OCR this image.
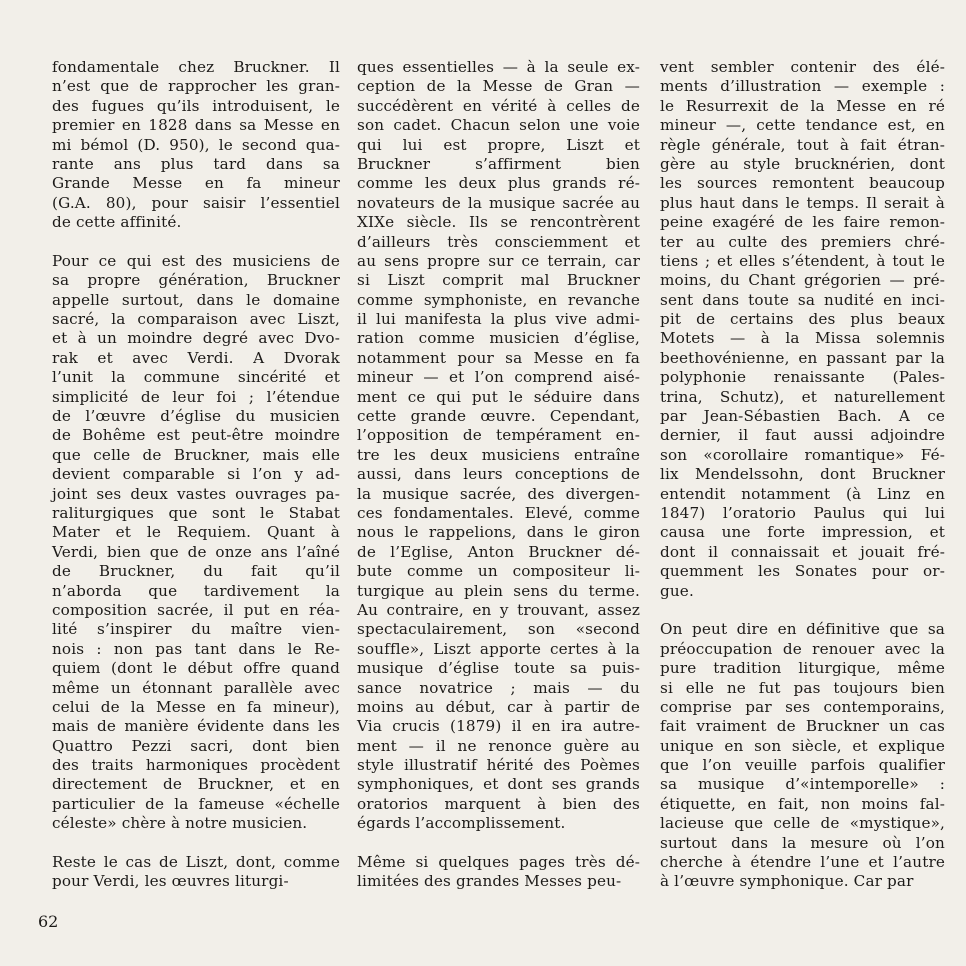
fondamentale chez Bruckner. Il
n’est que de rapprocher les gran-
des fugues qu’ils introduisent, le
premier en 1828 dans sa Messe en
mi bémol (D. 950), le second qua-
rante ans plus tard dans sa
Grande Messe en fa mineur
(G.A. 80), pour saisir l’essentiel
de cette affinité.
Pour ce qui est des musiciens de
sa propre génération, Bruckner
appelle surtout, dans le domaine
sacré, la comparaison avec Liszt,
et à un moindre degré avec Dvo-
rak et avec Verdi. A Dvorak
l’unit la commune sincérité et
simplicité de leur foi ; l’étendue
de l’œuvre d’église du musicien
de Bohême est peut-être moindre
que celle de Bruckner, mais elle
devient comparable si l’on y ad-
joint ses deux vastes ouvrages pa-
raliturgiques que sont le Stabat
Mater et le Requiem. Quant à
Verdi, bien que de onze ans l’aîné
de Bruckner, du fait qu’il
n’aborda que tardivement la
composition sacrée, il put en réa-
lité s’inspirer du maître vien-
nois : non pas tant dans le Re-
quiem (dont le début offre quand
même un étonnant parallèle avec
celui de la Messe en fa mineur),
mais de manière évidente dans les
Quattro Pezzi sacri, dont bien
des traits harmoniques procèdent
directement de Bruckner, et en
particulier de la fameuse «échelle
céleste» chère à notre musicien.
Reste le cas de Liszt, dont, comme
pour Verdi, les œuvres liturgi-
ques essentielles — à la seule ex-
ception de la Messe de Gran —
succédèrent en vérité à celles de
son cadet. Chacun selon une voie
qui lui est propre, Liszt et
Bruckner s’affirment bien
comme les deux plus grands ré-
novateurs de la musique sacrée au
XIXe siècle. Ils se rencontrèrent
d’ailleurs très consciemment et
au sens propre sur ce terrain, car
si Liszt comprit mal Bruckner
comme symphoniste, en revanche
il lui manifesta la plus vive admi-
ration comme musicien d’église,
notamment pour sa Messe en fa
mineur — et l’on comprend aisé-
ment ce qui put le séduire dans
cette grande œuvre. Cependant,
l’opposition de tempérament en-
tre les deux musiciens entraîne
aussi, dans leurs conceptions de
la musique sacrée, des divergen-
ces fondamentales. Elevé, comme
nous le rappelions, dans le giron
de l’Eglise, Anton Bruckner dé-
bute comme un compositeur li-
turgique au plein sens du terme.
Au contraire, en y trouvant, assez
spectaculairement, son «second
souffle», Liszt apporte certes à la
musique d’église toute sa puis-
sance novatrice ; mais — du
moins au début, car à partir de
Via crucis (1879) il en ira autre-
ment — il ne renonce guère au
style illustratif hérité des Poèmes
symphoniques, et dont ses grands
oratorios marquent à bien des
égards l’accomplissement.
Même si quelques pages très dé-
limitées des grandes Messes peu-
vent sembler contenir des élé-
ments d’illustration — exemple :
le Resurrexit de la Messe en ré
mineur —, cette tendance est, en
règle générale, tout à fait étran-
gère au style brucknérien, dont
les sources remontent beaucoup
plus haut dans le temps. Il serait à
peine exagéré de les faire remon-
ter au culte des premiers chré-
tiens ; et elles s’étendent, à tout le
moins, du Chant grégorien — pré-
sent dans toute sa nudité en inci-
pit de certains des plus beaux
Motets — à la Missa solemnis
beethovénienne, en passant par la
polyphonie renaissante (Pales-
trina, Schutz), et naturellement
par Jean-Sébastien Bach. A ce
dernier, il faut aussi adjoindre
son «corollaire romantique» Fé-
lix Mendelssohn, dont Bruckner
entendit notamment (à Linz en
1847) l’oratorio Paulus qui lui
causa une forte impression, et
dont il connaissait et jouait fré-
quemment les Sonates pour or-
gue.
On peut dire en définitive que sa
préoccupation de renouer avec la
pure tradition liturgique, même
si elle ne fut pas toujours bien
comprise par ses contemporains,
fait vraiment de Bruckner un cas
unique en son siècle, et explique
que l’on veuille parfois qualifier
sa musique d’«intemporelle» :
étiquette, en fait, non moins fal-
lacieuse que celle de «mystique»,
surtout dans la mesure où l’on
cherche à étendre l’une et l’autre
à l’œuvre symphonique. Car par
62
